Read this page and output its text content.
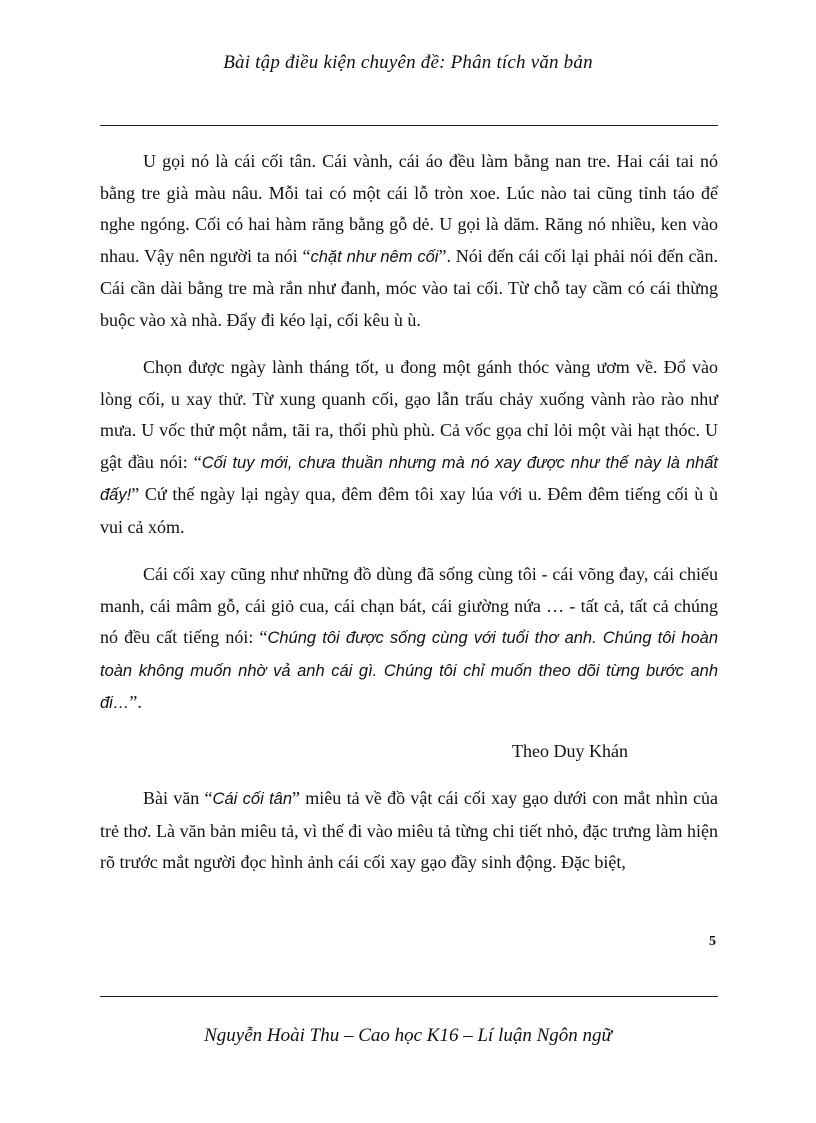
Bài tập điều kiện chuyên đề: Phân tích văn bản

U gọi nó là cái cối tân. Cái vành, cái áo đều làm bằng nan tre. Hai cái tai nó bằng tre già màu nâu. Mỗi tai có một cái lỗ tròn xoe. Lúc nào tai cũng tỉnh táo để nghe ngóng. Cối có hai hàm răng bằng gỗ dẻ. U gọi là dăm. Răng nó nhiều, ken vào nhau. Vậy nên người ta nói “chặt như nêm cối”. Nói đến cái cối lại phải nói đến cần. Cái cần dài bằng tre mà rắn như đanh, móc vào tai cối. Từ chỗ tay cầm có cái thừng buộc vào xà nhà. Đẩy đi kéo lại, cối kêu ù ù.

Chọn được ngày lành tháng tốt, u đong một gánh thóc vàng ươm về. Đổ vào lòng cối, u xay thử. Từ xung quanh cối, gạo lẫn trấu chảy xuống vành rào rào như mưa. U vốc thử một nắm, tãi ra, thổi phù phù. Cả vốc gọa chỉ lỏi một vài hạt thóc. U gật đầu nói: “Cối tuy mới, chưa thuần nhưng mà nó xay được như thế này là nhất đấy!” Cứ thế ngày lại ngày qua, đêm đêm tôi xay lúa với u. Đêm đêm tiếng cối ù ù vui cả xóm.

Cái cối xay cũng như những đồ dùng đã sống cùng tôi - cái võng đay, cái chiếu manh, cái mâm gỗ, cái giỏ cua, cái chạn bát, cái giường nứa … - tất cả, tất cả chúng nó đều cất tiếng nói: “Chúng tôi được sống cùng với tuổi thơ anh. Chúng tôi hoàn toàn không muốn nhờ vả anh cái gì. Chúng tôi chỉ muốn theo dõi từng bước anh đi…”.

Theo Duy Khán

Bài văn “Cái cối tân” miêu tả về đồ vật cái cối xay gạo dưới con mắt nhìn của trẻ thơ. Là văn bản miêu tả, vì thế đi vào miêu tả từng chi tiết nhỏ, đặc trưng làm hiện rõ trước mắt người đọc hình ảnh cái cối xay gạo đầy sinh động. Đặc biệt,

5
Nguyễn Hoài Thu – Cao học K16 – Lí luận Ngôn ngữ
